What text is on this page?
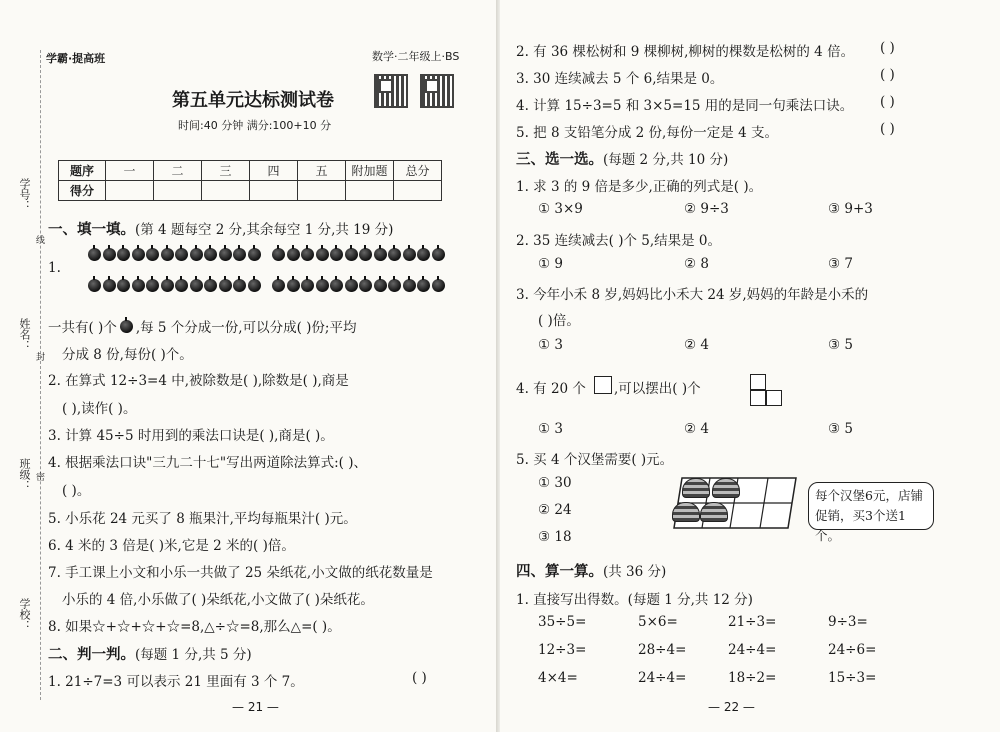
学号：
姓名：
班级：
学校：
线
封
密
学霸·提高班	数学·二年级上·BS
第五单元达标测试卷
时间:40 分钟 满分:100+10 分
题序	一	二	三	四	五	附加题	总分
得分							
一、填一填。(第 4 题每空 2 分,其余每空 1 分,共 19 分)
1.
一共有( )个 ,每 5 个分成一份,可以分成( )份;平均
分成 8 份,每份( )个。
2. 在算式 12÷3=4 中,被除数是( ),除数是( ),商是
( ),读作( )。
3. 计算 45÷5 时用到的乘法口诀是( ),商是( )。
4. 根据乘法口诀"三九二十七"写出两道除法算式:( )、
( )。
5. 小乐花 24 元买了 8 瓶果汁,平均每瓶果汁( )元。
6. 4 米的 3 倍是( )米,它是 2 米的( )倍。
7. 手工课上小文和小乐一共做了 25 朵纸花,小文做的纸花数量是
小乐的 4 倍,小乐做了( )朵纸花,小文做了( )朵纸花。
8. 如果☆+☆+☆+☆=8,△÷☆=8,那么△=( )。
二、判一判。(每题 1 分,共 5 分)
1. 21÷7=3 可以表示 21 里面有 3 个 7。	( )
— 21 —
2. 有 36 棵松树和 9 棵柳树,柳树的棵数是松树的 4 倍。 ( )
3. 30 连续减去 5 个 6,结果是 0。	( )
4. 计算 15÷3=5 和 3×5=15 用的是同一句乘法口诀。 ( )
5. 把 8 支铅笔分成 2 份,每份一定是 4 支。	( )
三、选一选。(每题 2 分,共 10 分)
1. 求 3 的 9 倍是多少,正确的列式是( )。
① 3×9	② 9÷3	③ 9+3
2. 35 连续减去( )个 5,结果是 0。
① 9	② 8	③ 7
3. 今年小禾 8 岁,妈妈比小禾大 24 岁,妈妈的年龄是小禾的
( )倍。
① 3	② 4	③ 5
4. 有 20 个 ,可以摆出( )个
① 3	② 4	③ 5
5. 买 4 个汉堡需要( )元。
① 30
② 24
③ 18
四、算一算。(共 36 分)
1. 直接写出得数。(每题 1 分,共 12 分)
35÷5=	5×6=	21÷3=	9÷3=
12÷3=	28÷4=	24÷4=	24÷6=
4×4=	24÷4=	18÷2=	15÷3=
— 22 —
每个汉堡6元，店铺促销，买3个送1个。
